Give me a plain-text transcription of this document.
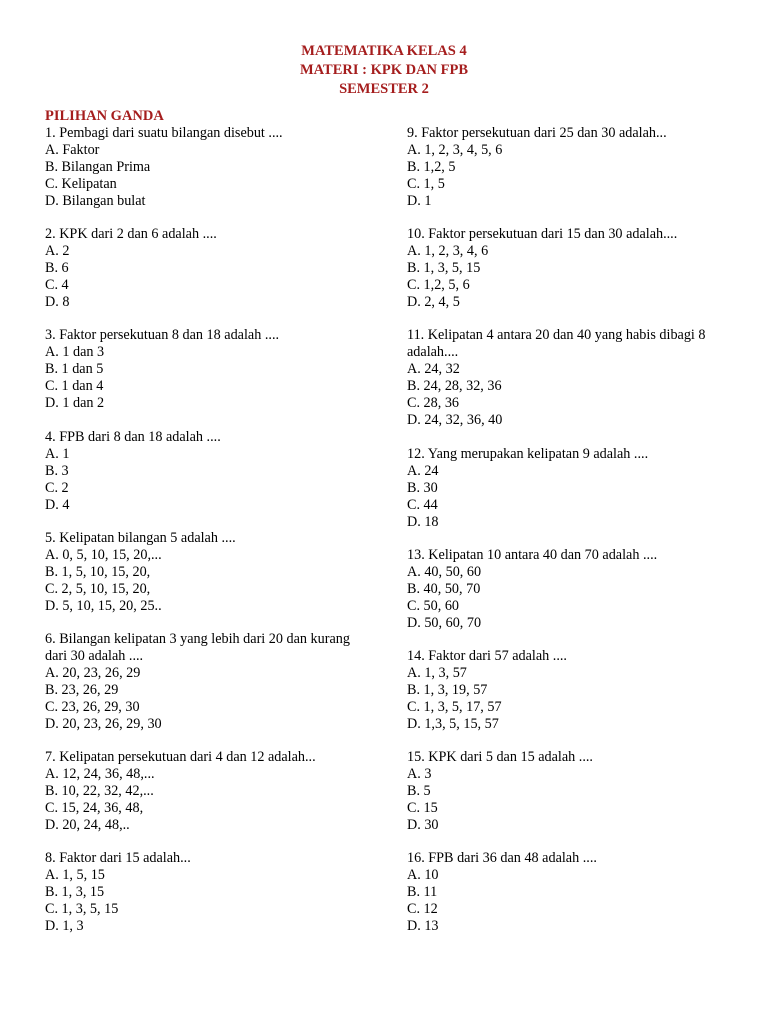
MATEMATIKA KELAS 4
MATERI : KPK DAN FPB
SEMESTER 2
PILIHAN GANDA
1. Pembagi dari suatu bilangan disebut ....
A. Faktor
B. Bilangan Prima
C. Kelipatan
D. Bilangan bulat
2. KPK dari 2 dan 6 adalah ....
A. 2
B. 6
C. 4
D. 8
3. Faktor persekutuan 8 dan 18 adalah ....
A. 1 dan 3
B. 1 dan 5
C. 1 dan 4
D. 1 dan 2
4. FPB dari 8 dan 18 adalah ....
A. 1
B. 3
C. 2
D. 4
5. Kelipatan bilangan 5 adalah ....
A. 0, 5, 10, 15, 20,...
B. 1, 5, 10, 15, 20,
C. 2, 5, 10, 15, 20,
D. 5, 10, 15, 20, 25..
6. Bilangan kelipatan 3 yang lebih dari 20 dan kurang dari 30 adalah ....
A. 20, 23, 26, 29
B. 23, 26, 29
C. 23, 26, 29, 30
D. 20, 23, 26, 29, 30
7. Kelipatan persekutuan dari 4 dan 12 adalah...
A. 12, 24, 36, 48,...
B. 10, 22, 32, 42,...
C. 15, 24, 36, 48,
D. 20, 24, 48,..
8. Faktor dari 15 adalah...
A. 1, 5, 15
B. 1, 3, 15
C. 1, 3, 5, 15
D. 1, 3
9. Faktor persekutuan dari 25 dan 30 adalah...
A. 1, 2, 3, 4, 5, 6
B. 1,2, 5
C. 1, 5
D. 1
10. Faktor persekutuan dari 15 dan 30 adalah....
A. 1, 2, 3, 4, 6
B. 1, 3, 5, 15
C. 1,2, 5, 6
D. 2, 4, 5
11. Kelipatan 4 antara 20 dan 40 yang habis dibagi 8 adalah....
A. 24, 32
B. 24, 28, 32, 36
C. 28, 36
D. 24, 32, 36, 40
12. Yang merupakan kelipatan 9 adalah ....
A. 24
B. 30
C. 44
D. 18
13. Kelipatan 10 antara 40 dan 70 adalah ....
A. 40, 50, 60
B. 40, 50, 70
C. 50, 60
D. 50, 60, 70
14. Faktor dari 57 adalah ....
A. 1, 3, 57
B. 1, 3, 19, 57
C. 1, 3, 5, 17, 57
D. 1,3, 5, 15, 57
15. KPK dari 5 dan 15 adalah ....
A. 3
B. 5
C. 15
D. 30
16. FPB dari 36 dan 48 adalah ....
A. 10
B. 11
C. 12
D. 13
